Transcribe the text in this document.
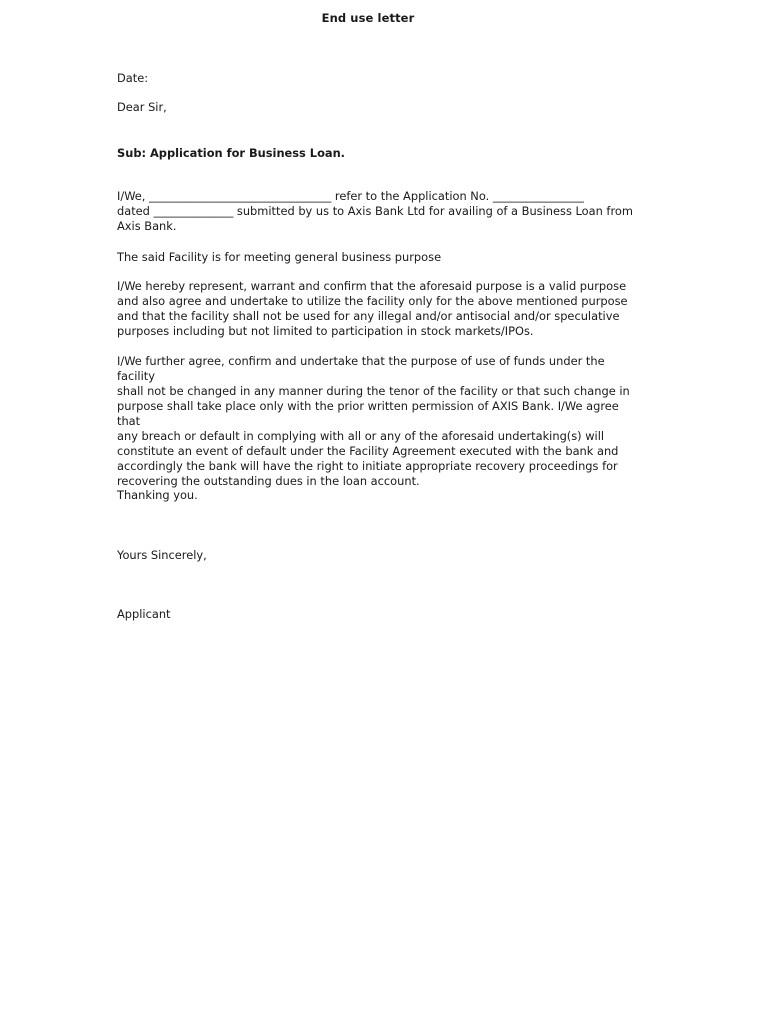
End use letter
Date:
Dear Sir,
Sub: Application for Business Loan.
I/We, ________________________________ refer to the Application No. ________________
dated ______________ submitted by us to Axis Bank Ltd for availing of a Business Loan from
Axis Bank.
The said Facility is for meeting general business purpose
I/We hereby represent, warrant and confirm that the aforesaid purpose is a valid purpose
and also agree and undertake to utilize the facility only for the above mentioned purpose
and that the facility shall not be used for any illegal and/or antisocial and/or speculative
purposes including but not limited to participation in stock markets/IPOs.
I/We further agree, confirm and undertake that the purpose of use of funds under the facility
shall not be changed in any manner during the tenor of the facility or that such change in
purpose shall take place only with the prior written permission of AXIS Bank. I/We agree that
any breach or default in complying with all or any of the aforesaid undertaking(s) will
constitute an event of default under the Facility Agreement executed with the bank and
accordingly the bank will have the right to initiate appropriate recovery proceedings for
recovering the outstanding dues in the loan account.
Thanking you.
Yours Sincerely,
Applicant
